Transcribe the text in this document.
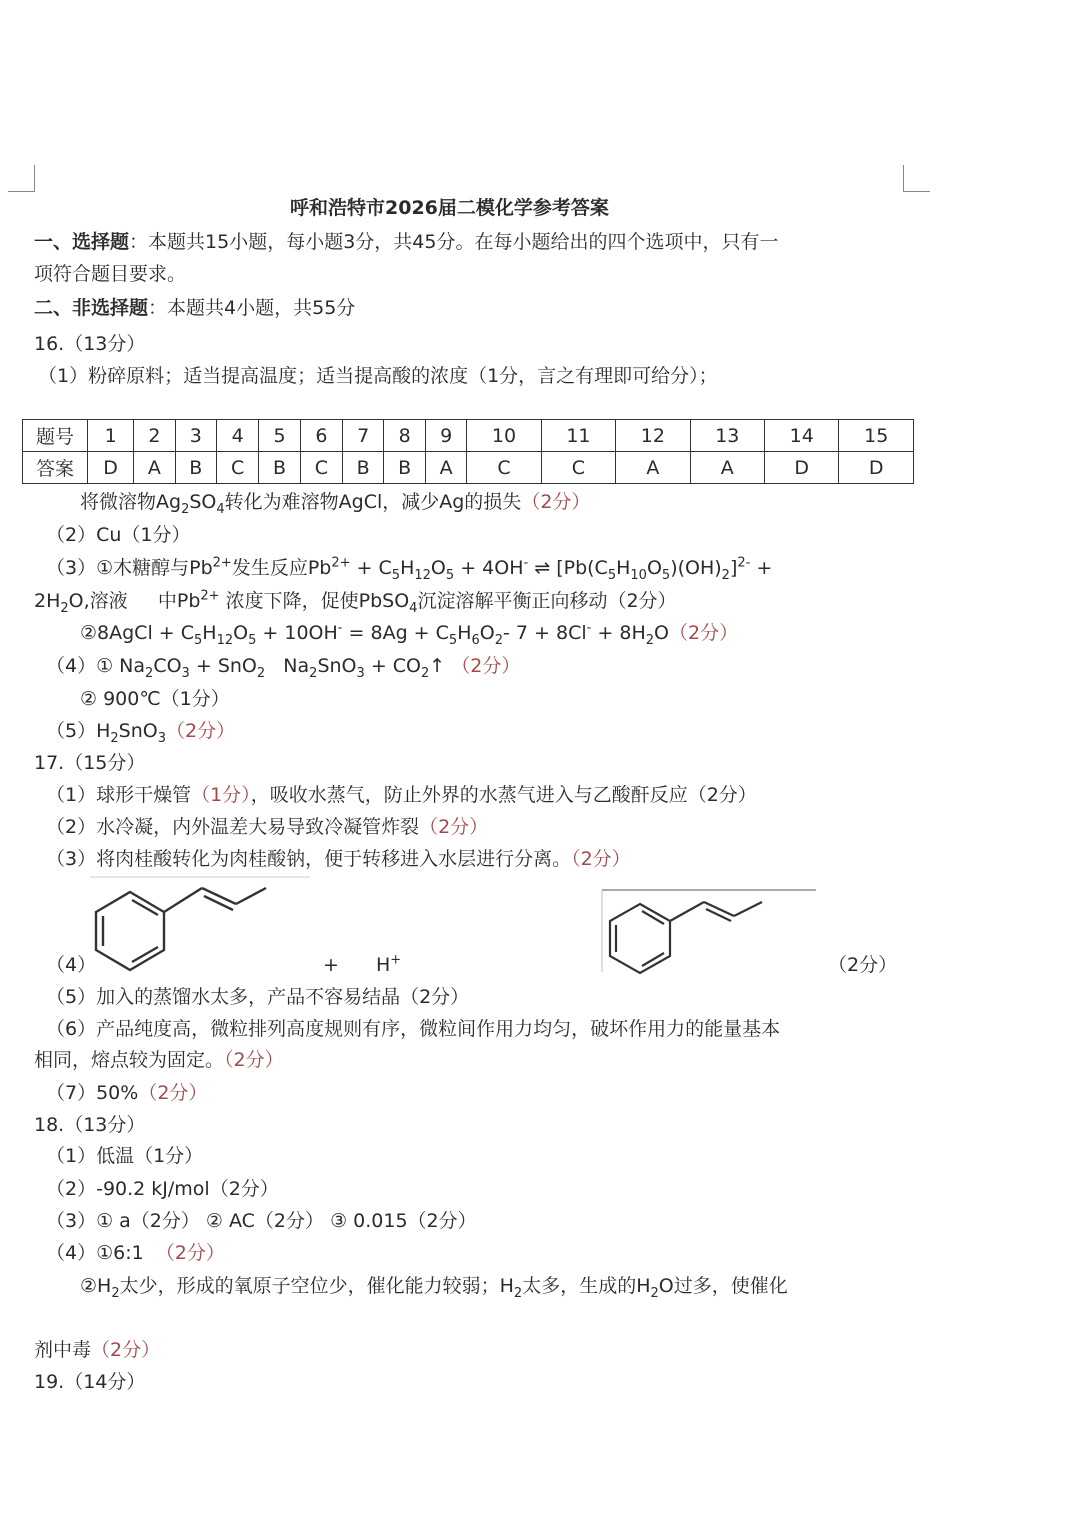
呼和浩特市2026届二模化学参考答案
一、选择题：本题共15小题，每小题3分，共45分。在每小题给出的四个选项中，只有一
项符合题目要求。
二、非选择题：本题共4小题，共55分
16.（13分）
（1）粉碎原料；适当提高温度；适当提高酸的浓度（1分，言之有理即可给分）；
题号	1	2	3	4	5	6	7	8	9	10	11	12	13	14	15
答案	D	A	B	C	B	C	B	B	A	C	C	A	A	D	D
将微溶物$Ag_2SO_4$转化为难溶物AgCl，减少Ag的损失（2分）
（2）Cu（1分）
（3）①木糖醇与$Pb^{2+}$发生反应$Pb^{2+} + C_5H_{12}O_5 + 4OH^-$ ⇌ $[Pb(C_5H_{10}O_5)(OH)_2]^{2-}$ +
$2H_2O$,溶液 中$Pb^{2+}$ 浓度下降，促使PbSO$_4$沉淀溶解平衡正向移动（2分）
②8AgCl + $C_5H_{12}O_5 + 10OH^- = 8Ag + C_5H_6O_2-$ $7 + 8Cl^- + 8H_2O(2$分）
（4）① $Na_2CO_3 + SnO_2$   $Na_2SnO_3$ + $CO_2↑$ （2分）
② 900℃（1分）
$(5)H_2SnO_3(2$分）
17.（15分）
（1）球形干燥管（1分），吸收水蒸气，防止外界的水蒸气进入与乙酸酐反应（2分）
（2）水冷凝，内外温差大易导致冷凝管炸裂（2分）
（3）将肉桂酸转化为肉桂酸钠，便于转移进入水层进行分离。（2分）
（4）	+ H+	（2分）
（5）加入的蒸馏水太多，产品不容易结晶（2分）
（6）产品纯度高，微粒排列高度规则有序，微粒间作用力均匀，破坏作用力的能量基本
相同，熔点较为固定。（2分）
（7）50%（2分）
18.（13分）
（1）低温（1分）
（2）-90.2 kJ/mol（2分）
（3）① a（2分） ② AC（2分） ③ 0.015（2分）
（4）①6:1 （2分）
$②H_2$太少，形成的氧原子空位少，催化能力较弱；$H_2$太多，生成的$H_2O$过多，使催化
剂中毒（2分）
19.（14分）
